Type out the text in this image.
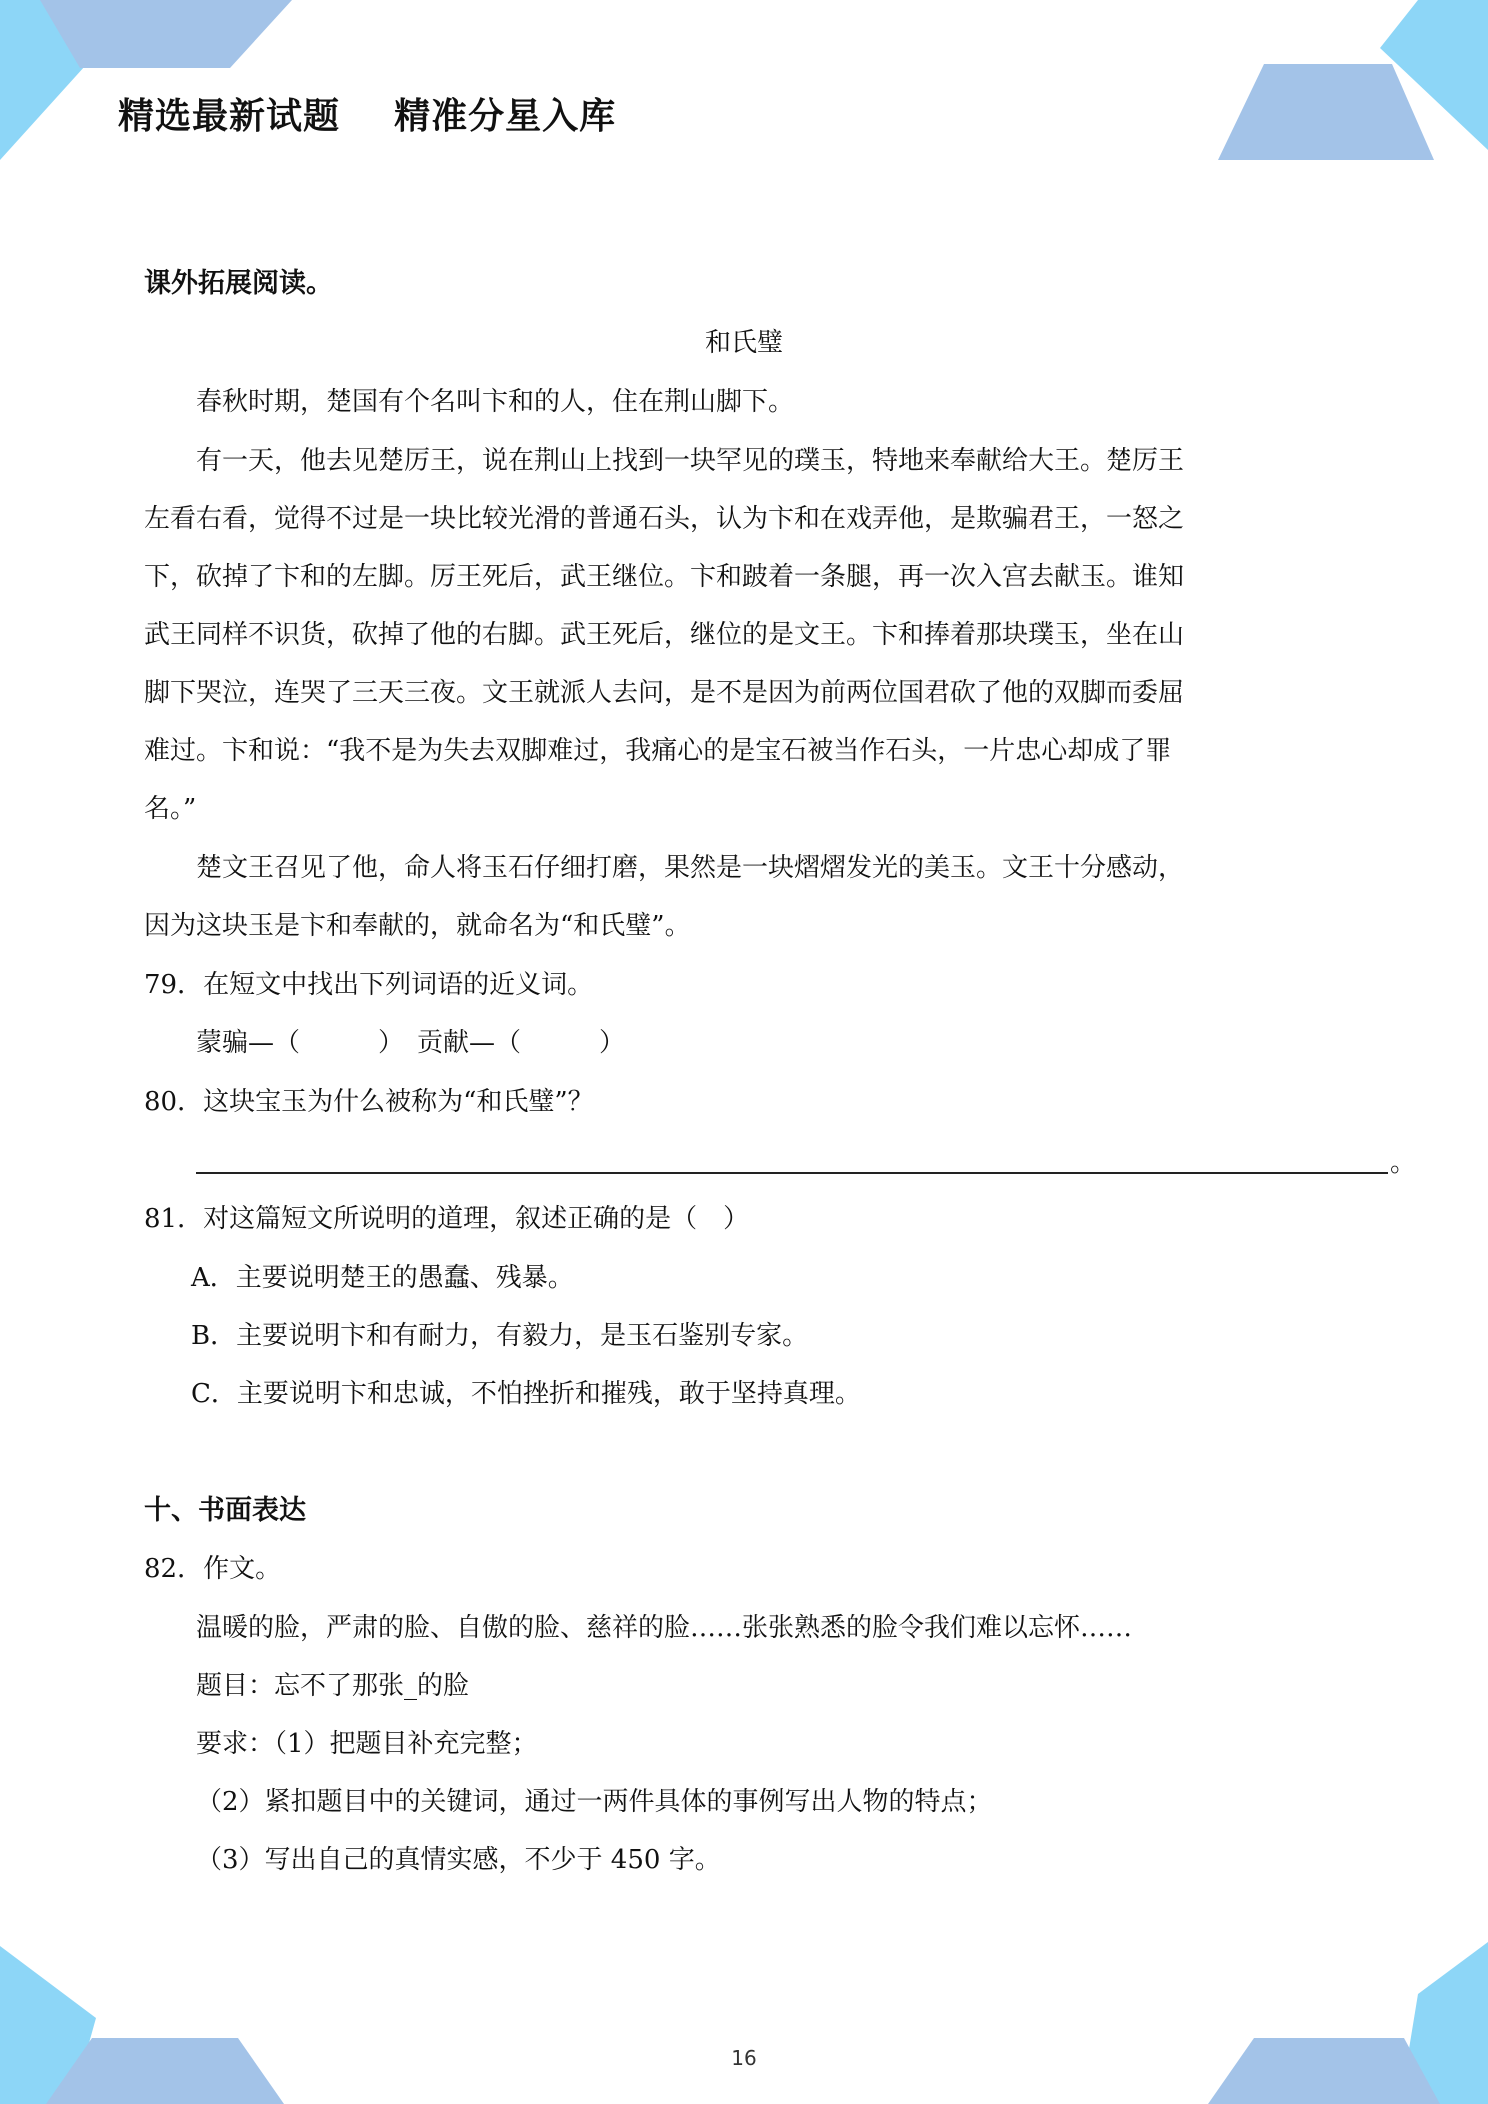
精选最新试题    精准分星入库
课外拓展阅读。
和氏璧
春秋时期，楚国有个名叫卞和的人，住在荆山脚下。
有一天，他去见楚厉王，说在荆山上找到一块罕见的璞玉，特地来奉献给大王。楚厉王
左看右看，觉得不过是一块比较光滑的普通石头，认为卞和在戏弄他，是欺骗君王，一怒之
下，砍掉了卞和的左脚。厉王死后，武王继位。卞和跛着一条腿，再一次入宫去献玉。谁知
武王同样不识货，砍掉了他的右脚。武王死后，继位的是文王。卞和捧着那块璞玉，坐在山
脚下哭泣，连哭了三天三夜。文王就派人去问，是不是因为前两位国君砍了他的双脚而委屈
难过。卞和说：“我不是为失去双脚难过，我痛心的是宝石被当作石头，一片忠心却成了罪
名。”
楚文王召见了他，命人将玉石仔细打磨，果然是一块熠熠发光的美玉。文王十分感动，
因为这块玉是卞和奉献的，就命名为“和氏璧”。
79．在短文中找出下列词语的近义词。
蒙骗—（　　　）　贡献—（　　　）
80．这块宝玉为什么被称为“和氏璧”？
。
81．对这篇短文所说明的道理，叙述正确的是（　）
A．主要说明楚王的愚蠢、残暴。
B．主要说明卞和有耐力，有毅力，是玉石鉴别专家。
C．主要说明卞和忠诚，不怕挫折和摧残，敢于坚持真理。
十、书面表达
82．作文。
温暖的脸，严肃的脸、自傲的脸、慈祥的脸……张张熟悉的脸令我们难以忘怀……
题目：忘不了那张_的脸
要求：（1）把题目补充完整；
（2）紧扣题目中的关键词，通过一两件具体的事例写出人物的特点；
（3）写出自己的真情实感，不少于 450 字。
16
